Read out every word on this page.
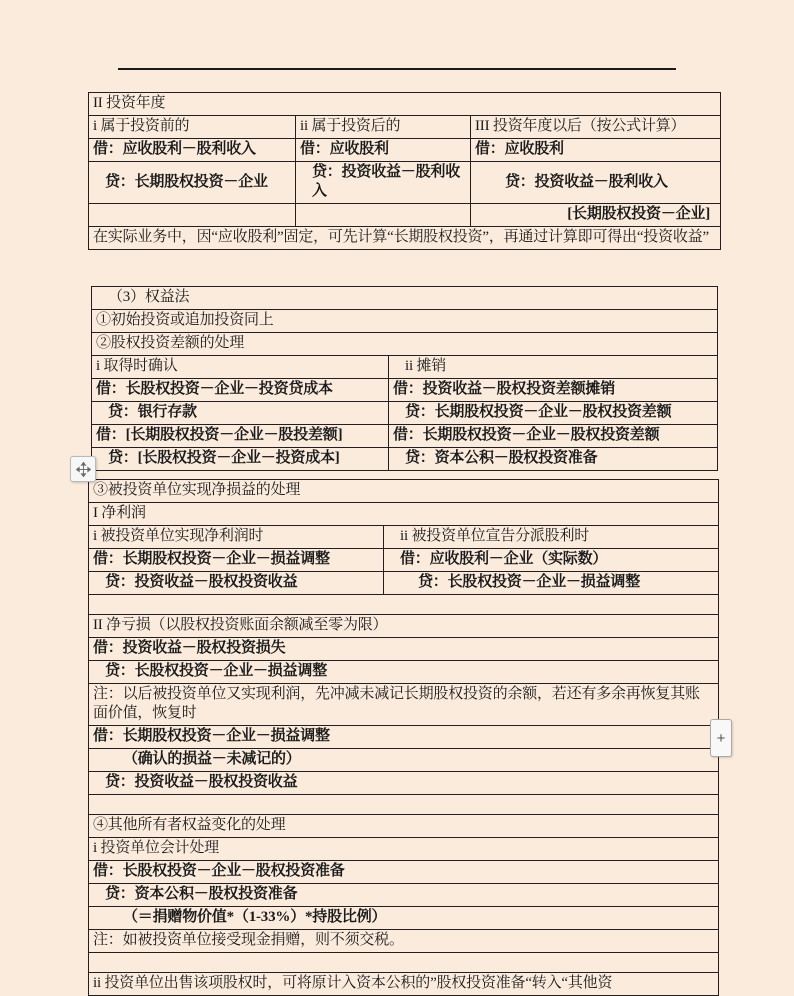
II 投资年度		
i 属于投资前的	ii 属于投资后的	III 投资年度以后（按公式计算）
借：应收股利－股利收入	借：应收股利	借：应收股利
贷：长期股权投资－企业	贷：投资收益－股利收入	贷：投资收益－股利收入
		[长期股权投资－企业]
在实际业务中，因“应收股利”固定，可先计算“长期股权投资”，再通过计算即可得出“投资收益”		
（3）权益法	
①初始投资或追加投资同上	
②股权投资差额的处理	
i 取得时确认	ii 摊销
借：长股权投资－企业－投资贷成本	借：投资收益－股权投资差额摊销
贷：银行存款	贷：长期股权投资－企业－股权投资差额
借：[长期股权投资－企业－股投差额]	借：长期股权投资－企业－股权投资差额
贷：[长股权投资－企业－投资成本]	贷：资本公积－股权投资准备
③被投资单位实现净损益的处理	
I 净利润	
i 被投资单位实现净利润时	ii 被投资单位宣告分派股利时
借：长期股权投资－企业－损益调整	借：应收股利－企业（实际数）
贷：投资收益－股权投资收益	贷：长股权投资－企业－损益调整

II 净亏损（以股权投资账面余额减至零为限）	
借：投资收益－股权投资损失	
贷：长股权投资－企业－损益调整	
注：以后被投资单位又实现利润，先冲减未减记长期股权投资的余额，若还有多余再恢复其账面价值，恢复时	
借：长期股权投资－企业－损益调整	
（确认的损益－未减记的）	
贷：投资收益－股权投资收益	

④其他所有者权益变化的处理	
i 投资单位会计处理	
借：长股权投资－企业－股权投资准备	
贷：资本公积－股权投资准备	
（＝捐赠物价值*（1-33%）*持股比例）	
注：如被投资单位接受现金捐赠，则不须交税。	

ii 投资单位出售该项股权时，可将原计入资本公积的”股权投资准备“转入“其他资	
+
